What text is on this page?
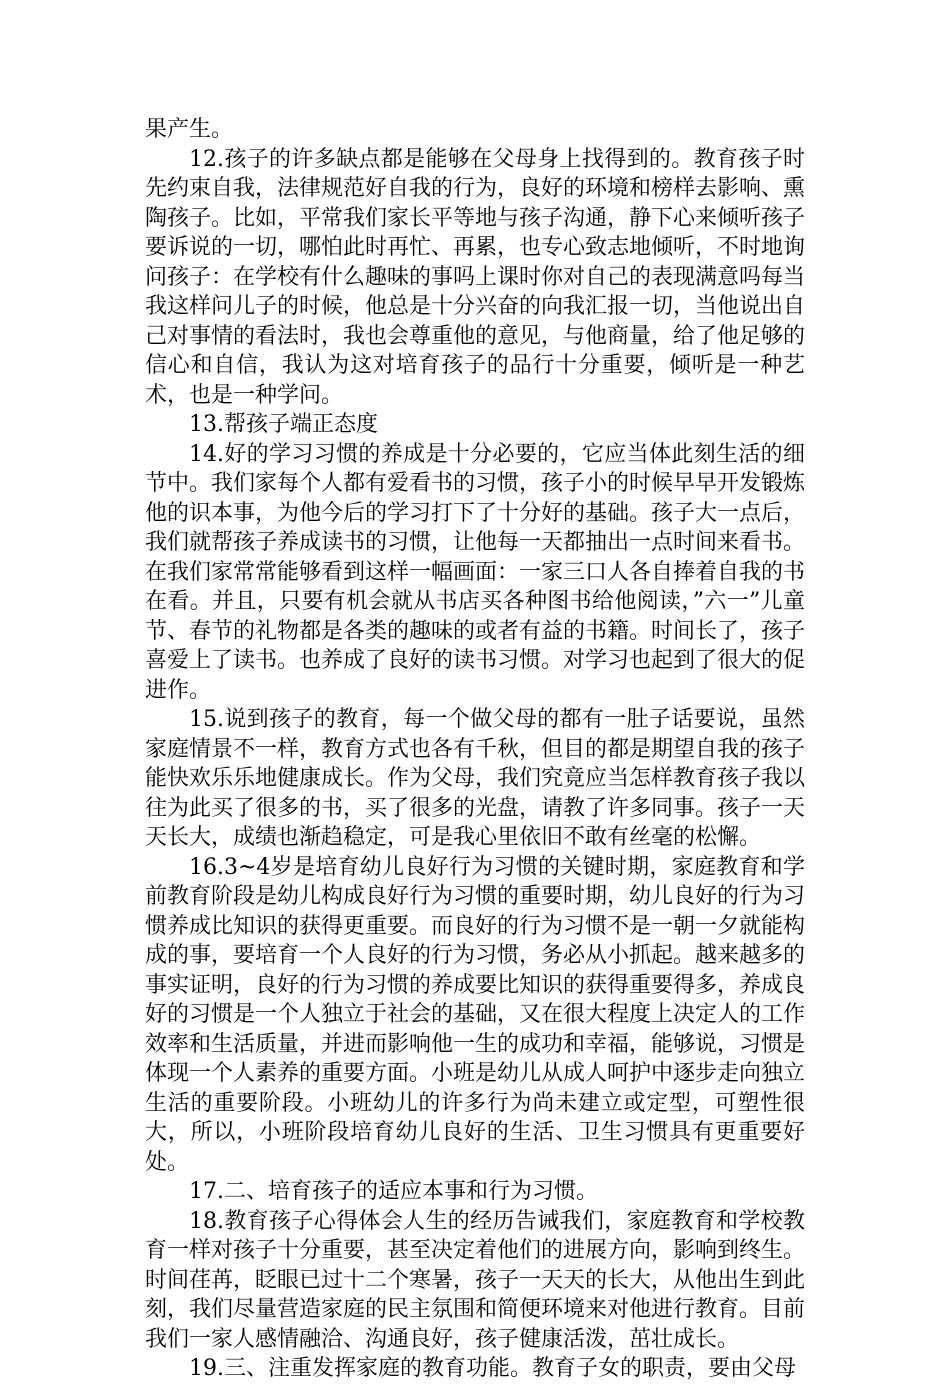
果产生。

12.孩子的许多缺点都是能够在父母身上找得到的。教育孩子时先约束自我，法律规范好自我的行为，良好的环境和榜样去影响、熏陶孩子。比如，平常我们家长平等地与孩子沟通，静下心来倾听孩子要诉说的一切，哪怕此时再忙、再累，也专心致志地倾听，不时地询问孩子：在学校有什么趣味的事吗上课时你对自己的表现满意吗每当我这样问儿子的时候，他总是十分兴奋的向我汇报一切，当他说出自己对事情的看法时，我也会尊重他的意见，与他商量，给了他足够的信心和自信，我认为这对培育孩子的品行十分重要，倾听是一种艺术，也是一种学问。

13.帮孩子端正态度

14.好的学习习惯的养成是十分必要的，它应当体此刻生活的细节中。我们家每个人都有爱看书的习惯，孩子小的时候早早开发锻炼他的识本事，为他今后的学习打下了十分好的基础。孩子大一点后，我们就帮孩子养成读书的习惯，让他每一天都抽出一点时间来看书。在我们家常常能够看到这样一幅画面：一家三口人各自捧着自我的书在看。并且，只要有机会就从书店买各种图书给他阅读，”六一”儿童节、春节的礼物都是各类的趣味的或者有益的书籍。时间长了，孩子喜爱上了读书。也养成了良好的读书习惯。对学习也起到了很大的促进作。

15.说到孩子的教育，每一个做父母的都有一肚子话要说，虽然家庭情景不一样，教育方式也各有千秋，但目的都是期望自我的孩子能快欢乐乐地健康成长。作为父母，我们究竟应当怎样教育孩子我以往为此买了很多的书，买了很多的光盘，请教了许多同事。孩子一天天长大，成绩也渐趋稳定，可是我心里依旧不敢有丝毫的松懈。

16.3~4岁是培育幼儿良好行为习惯的关键时期，家庭教育和学前教育阶段是幼儿构成良好行为习惯的重要时期，幼儿良好的行为习惯养成比知识的获得更重要。而良好的行为习惯不是一朝一夕就能构成的事，要培育一个人良好的行为习惯，务必从小抓起。越来越多的事实证明，良好的行为习惯的养成要比知识的获得重要得多，养成良好的习惯是一个人独立于社会的基础，又在很大程度上决定人的工作效率和生活质量，并进而影响他一生的成功和幸福，能够说，习惯是体现一个人素养的重要方面。小班是幼儿从成人呵护中逐步走向独立生活的重要阶段。小班幼儿的许多行为尚未建立或定型，可塑性很大，所以，小班阶段培育幼儿良好的生活、卫生习惯具有更重要好处。

17.二、培育孩子的适应本事和行为习惯。

18.教育孩子心得体会人生的经历告诫我们，家庭教育和学校教育一样对孩子十分重要，甚至决定着他们的进展方向，影响到终生。时间荏苒，眨眼已过十二个寒暑，孩子一天天的长大，从他出生到此刻，我们尽量营造家庭的民主氛围和简便环境来对他进行教育。目前我们一家人感情融洽、沟通良好，孩子健康活泼，茁壮成长。

19.三、注重发挥家庭的教育功能。教育子女的职责，要由父母
